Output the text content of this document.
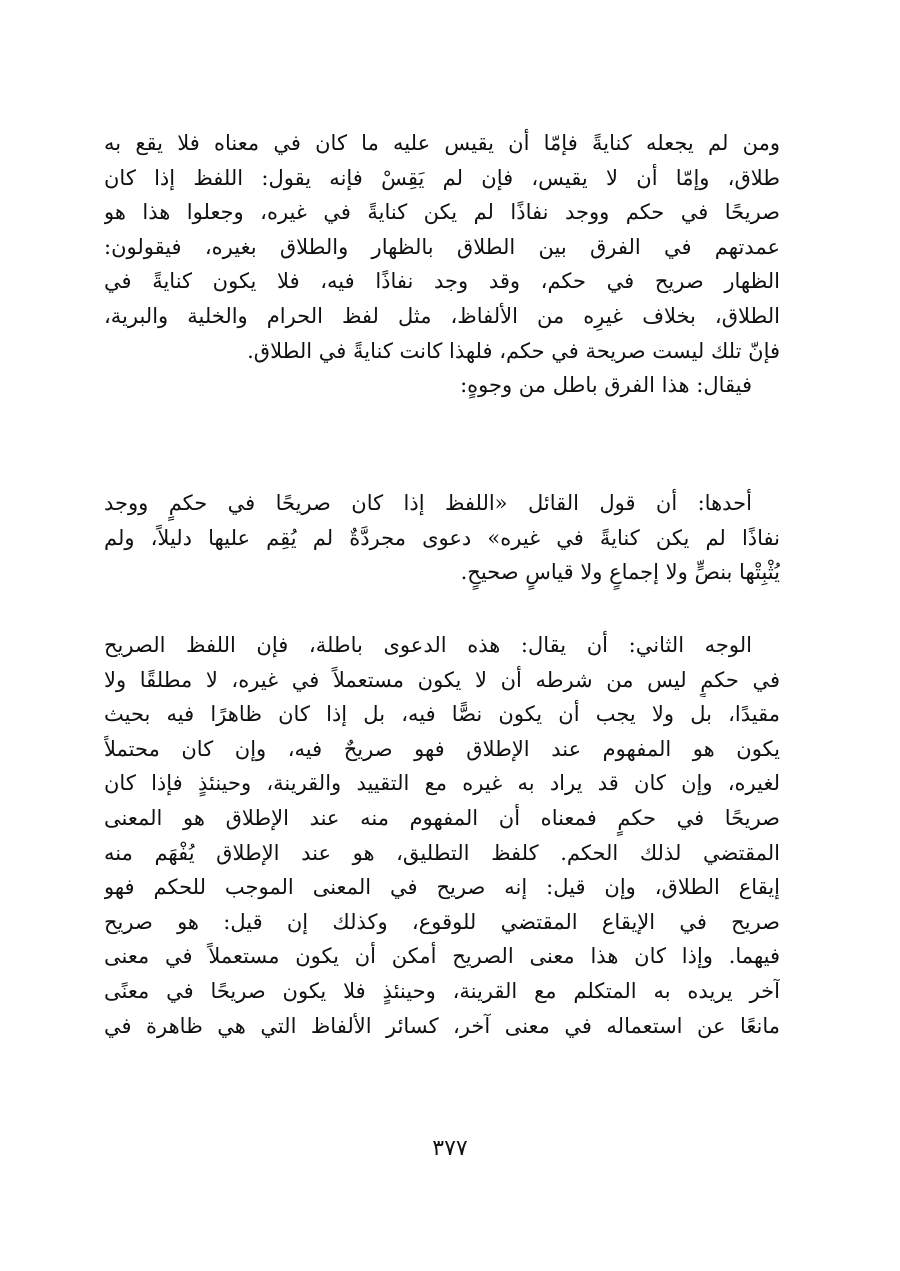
ومن لم يجعله كنايةً فإمّا أن يقيس عليه ما كان في معناه فلا يقع به
طلاق، وإمّا أن لا يقيس، فإن لم يَقِسْ فإنه يقول: اللفظ إذا كان
صريحًا في حكم ووجد نفاذًا لم يكن كنايةً في غيره، وجعلوا هذا هو
عمدتهم في الفرق بين الطلاق بالظهار والطلاق بغيره، فيقولون:
الظهار صريح في حكم، وقد وجد نفاذًا فيه، فلا يكون كنايةً في
الطلاق، بخلاف غيرِه من الألفاظ، مثل لفظ الحرام والخلية والبرية،
فإنّ تلك ليست صريحة في حكم، فلهذا كانت كنايةً في الطلاق.
فيقال: هذا الفرق باطل من وجوهٍ:
أحدها: أن قول القائل «اللفظ إذا كان صريحًا في حكمٍ ووجد
نفاذًا لم يكن كنايةً في غيره» دعوى مجردَّةٌ لم يُقِم عليها دليلاً، ولم
يُثْبِتْها بنصٍّ ولا إجماعٍ ولا قياسٍ صحيحٍ.
الوجه الثاني: أن يقال: هذه الدعوى باطلة، فإن اللفظ الصريح
في حكمٍ ليس من شرطه أن لا يكون مستعملاً في غيره، لا مطلقًا ولا
مقيدًا، بل ولا يجب أن يكون نصًّا فيه، بل إذا كان ظاهرًا فيه بحيث
يكون هو المفهوم عند الإطلاق فهو صريحٌ فيه، وإن كان محتملاً
لغيره، وإن كان قد يراد به غيره مع التقييد والقرينة، وحينئذٍ فإذا كان
صريحًا في حكمٍ فمعناه أن المفهوم منه عند الإطلاق هو المعنى
المقتضي لذلك الحكم. كلفظ التطليق، هو عند الإطلاق يُفْهَم منه
إيقاع الطلاق، وإن قيل: إنه صريح في المعنى الموجب للحكم فهو
صريح في الإيقاع المقتضي للوقوع، وكذلك إن قيل: هو صريح
فيهما. وإذا كان هذا معنى الصريح أمكن أن يكون مستعملاً في معنى
آخر يريده به المتكلم مع القرينة، وحينئذٍ فلا يكون صريحًا في معنًى
مانعًا عن استعماله في معنى آخر، كسائر الألفاظ التي هي ظاهرة في
٣٧٧
